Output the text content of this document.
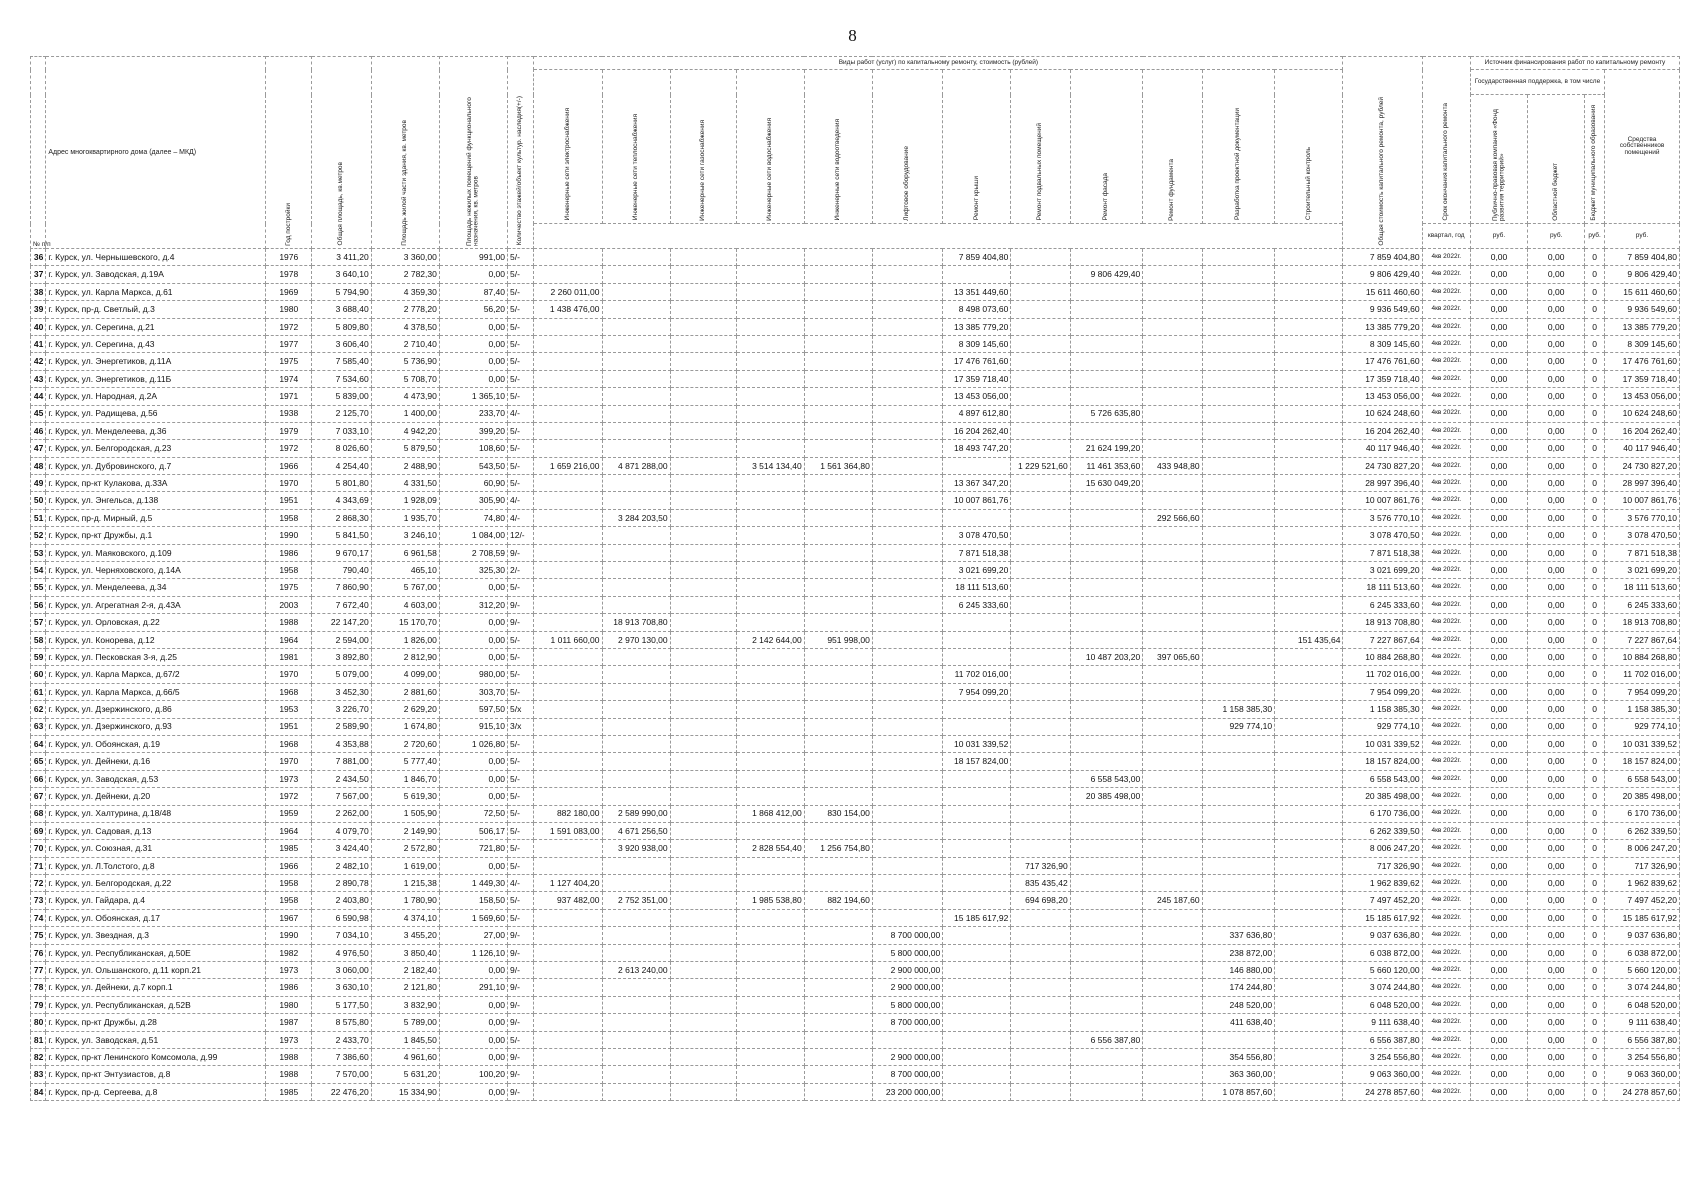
8
№ п/п	Адрес многоквартирного дома (далее – МКД)	Год постройки	Общая площадь, кв.метров	Площадь жилой части здания, кв. метров	Площадь нежилых помещений функционального назначения, кв. метров	Количество этажей/объект культур. наследия(+/-)	Виды работ (услуг) по капитальному ремонту, стоимость (рублей)												Общая стоимость капитального ремонта, рублей	Срок окончания капитального ремонта	Источник финансирования работ по капитальному ремонту		
							Инженерные сети электроснабжения	Инженерные сети теплоснабжения	Инженерные сети газоснабжения	Инженерные сети водоснабжения	Инженерные сети водоотведения	Лифтовое оборудование	Ремонт крыши	Ремонт подвальных помещений	Ремонт фасада	Ремонт фундамента	Разработка проектной документации	Строительный контроль			Государственная поддержка, в том числе			Средства собственников помещений
																					Публично-правовая компания «Фонд развития территорий»	Областной бюджет	Бюджет муниципального образования	
																				квартал, год	руб.	руб.	руб.	руб.
36	г. Курск, ул. Чернышевского, д.4	1976	3 411,20	3 360,00	991,00	5/-							7 859 404,80						7 859 404,80	4кв 2022г.	0,00	0,00	0	7 859 404,80
37	г. Курск, ул. Заводская, д.19А	1978	3 640,10	2 782,30	0,00	5/-									9 806 429,40				9 806 429,40	4кв 2022г.	0,00	0,00	0	9 806 429,40
38	г. Курск, ул. Карла Маркса, д.61	1969	5 794,90	4 359,30	87,40	5/-	2 260 011,00						13 351 449,60						15 611 460,60	4кв 2022г.	0,00	0,00	0	15 611 460,60
39	г. Курск, пр-д. Светлый, д.3	1980	3 688,40	2 778,20	56,20	5/-	1 438 476,00						8 498 073,60						9 936 549,60	4кв 2022г.	0,00	0,00	0	9 936 549,60
40	г. Курск, ул. Серегина, д.21	1972	5 809,80	4 378,50	0,00	5/-							13 385 779,20						13 385 779,20	4кв 2022г.	0,00	0,00	0	13 385 779,20
41	г. Курск, ул. Серегина, д.43	1977	3 606,40	2 710,40	0,00	5/-							8 309 145,60						8 309 145,60	4кв 2022г.	0,00	0,00	0	8 309 145,60
42	г. Курск, ул. Энергетиков, д.11А	1975	7 585,40	5 736,90	0,00	5/-							17 476 761,60						17 476 761,60	4кв 2022г.	0,00	0,00	0	17 476 761,60
43	г. Курск, ул. Энергетиков, д.11Б	1974	7 534,60	5 708,70	0,00	5/-							17 359 718,40						17 359 718,40	4кв 2022г.	0,00	0,00	0	17 359 718,40
44	г. Курск, ул. Народная, д.2А	1971	5 839,00	4 473,90	1 365,10	5/-							13 453 056,00						13 453 056,00	4кв 2022г.	0,00	0,00	0	13 453 056,00
45	г. Курск, ул. Радищева, д.56	1938	2 125,70	1 400,00	233,70	4/-							4 897 612,80		5 726 635,80				10 624 248,60	4кв 2022г.	0,00	0,00	0	10 624 248,60
46	г. Курск, ул. Менделеева, д.36	1979	7 033,10	4 942,20	399,20	5/-							16 204 262,40						16 204 262,40	4кв 2022г.	0,00	0,00	0	16 204 262,40
47	г. Курск, ул. Белгородская, д.23	1972	8 026,60	5 879,50	108,60	5/-							18 493 747,20		21 624 199,20				40 117 946,40	4кв 2022г.	0,00	0,00	0	40 117 946,40
48	г. Курск, ул. Дубровинского, д.7	1966	4 254,40	2 488,90	543,50	5/-	1 659 216,00	4 871 288,00		3 514 134,40	1 561 364,80			1 229 521,60	11 461 353,60	433 948,80			24 730 827,20	4кв 2022г.	0,00	0,00	0	24 730 827,20
49	г. Курск, пр-кт Кулакова, д.33А	1970	5 801,80	4 331,50	60,90	5/-							13 367 347,20		15 630 049,20				28 997 396,40	4кв 2022г.	0,00	0,00	0	28 997 396,40
50	г. Курск, ул. Энгельса, д.138	1951	4 343,69	1 928,09	305,90	4/-							10 007 861,76						10 007 861,76	4кв 2022г.	0,00	0,00	0	10 007 861,76
51	г. Курск, пр-д. Мирный, д.5	1958	2 868,30	1 935,70	74,80	4/-		3 284 203,50								292 566,60			3 576 770,10	4кв 2022г.	0,00	0,00	0	3 576 770,10
52	г. Курск, пр-кт Дружбы, д.1	1990	5 841,50	3 246,10	1 084,00	12/-							3 078 470,50						3 078 470,50	4кв 2022г.	0,00	0,00	0	3 078 470,50
53	г. Курск, ул. Маяковского, д.109	1986	9 670,17	6 961,58	2 708,59	9/-							7 871 518,38						7 871 518,38	4кв 2022г.	0,00	0,00	0	7 871 518,38
54	г. Курск, ул. Черняховского, д.14А	1958	790,40	465,10	325,30	2/-							3 021 699,20						3 021 699,20	4кв 2022г.	0,00	0,00	0	3 021 699,20
55	г. Курск, ул. Менделеева, д.34	1975	7 860,90	5 767,00	0,00	5/-							18 111 513,60						18 111 513,60	4кв 2022г.	0,00	0,00	0	18 111 513,60
56	г. Курск, ул. Агрегатная 2-я, д.43А	2003	7 672,40	4 603,00	312,20	9/-							6 245 333,60						6 245 333,60	4кв 2022г.	0,00	0,00	0	6 245 333,60
57	г. Курск, ул. Орловская, д.22	1988	22 147,20	15 170,70	0,00	9/-		18 913 708,80											18 913 708,80	4кв 2022г.	0,00	0,00	0	18 913 708,80
58	г. Курск, ул. Конорева, д.12	1964	2 594,00	1 826,00	0,00	5/-	1 011 660,00	2 970 130,00		2 142 644,00	951 998,00							151 435,64	7 227 867,64	4кв 2022г.	0,00	0,00	0	7 227 867,64
59	г. Курск, ул. Песковская 3-я, д.25	1981	3 892,80	2 812,90	0,00	5/-									10 487 203,20	397 065,60			10 884 268,80	4кв 2022г.	0,00	0,00	0	10 884 268,80
60	г. Курск, ул. Карла Маркса, д.67/2	1970	5 079,00	4 099,00	980,00	5/-							11 702 016,00						11 702 016,00	4кв 2022г.	0,00	0,00	0	11 702 016,00
61	г. Курск, ул. Карла Маркса, д.66/5	1968	3 452,30	2 881,60	303,70	5/-							7 954 099,20						7 954 099,20	4кв 2022г.	0,00	0,00	0	7 954 099,20
62	г. Курск, ул. Дзержинского, д.86	1953	3 226,70	2 629,20	597,50	5/х											1 158 385,30		1 158 385,30	4кв 2022г.	0,00	0,00	0	1 158 385,30
63	г. Курск, ул. Дзержинского, д.93	1951	2 589,90	1 674,80	915,10	3/х											929 774,10		929 774,10	4кв 2022г.	0,00	0,00	0	929 774,10
64	г. Курск, ул. Обоянская, д.19	1968	4 353,88	2 720,60	1 026,80	5/-							10 031 339,52						10 031 339,52	4кв 2022г.	0,00	0,00	0	10 031 339,52
65	г. Курск, ул. Дейнеки, д.16	1970	7 881,00	5 777,40	0,00	5/-							18 157 824,00						18 157 824,00	4кв 2022г.	0,00	0,00	0	18 157 824,00
66	г. Курск, ул. Заводская, д.53	1973	2 434,50	1 846,70	0,00	5/-									6 558 543,00				6 558 543,00	4кв 2022г.	0,00	0,00	0	6 558 543,00
67	г. Курск, ул. Дейнеки, д.20	1972	7 567,00	5 619,30	0,00	5/-									20 385 498,00				20 385 498,00	4кв 2022г.	0,00	0,00	0	20 385 498,00
68	г. Курск, ул. Халтурина, д.18/48	1959	2 262,00	1 505,90	72,50	5/-	882 180,00	2 589 990,00		1 868 412,00	830 154,00								6 170 736,00	4кв 2022г.	0,00	0,00	0	6 170 736,00
69	г. Курск, ул. Садовая, д.13	1964	4 079,70	2 149,90	506,17	5/-	1 591 083,00	4 671 256,50											6 262 339,50	4кв 2022г.	0,00	0,00	0	6 262 339,50
70	г. Курск, ул. Союзная, д.31	1985	3 424,40	2 572,80	721,80	5/-		3 920 938,00		2 828 554,40	1 256 754,80								8 006 247,20	4кв 2022г.	0,00	0,00	0	8 006 247,20
71	г. Курск, ул. Л.Толстого, д.8	1966	2 482,10	1 619,00	0,00	5/-								717 326,90					717 326,90	4кв 2022г.	0,00	0,00	0	717 326,90
72	г. Курск, ул. Белгородская, д.22	1958	2 890,78	1 215,38	1 449,30	4/-	1 127 404,20							835 435,42					1 962 839,62	4кв 2022г.	0,00	0,00	0	1 962 839,62
73	г. Курск, ул. Гайдара, д.4	1958	2 403,80	1 780,90	158,50	5/-	937 482,00	2 752 351,00		1 985 538,80	882 194,60			694 698,20		245 187,60			7 497 452,20	4кв 2022г.	0,00	0,00	0	7 497 452,20
74	г. Курск, ул. Обоянская, д.17	1967	6 590,98	4 374,10	1 569,60	5/-							15 185 617,92						15 185 617,92	4кв 2022г.	0,00	0,00	0	15 185 617,92
75	г. Курск, ул. Звездная, д.3	1990	7 034,10	3 455,20	27,00	9/-						8 700 000,00					337 636,80		9 037 636,80	4кв 2022г.	0,00	0,00	0	9 037 636,80
76	г. Курск, ул. Республиканская, д.50Е	1982	4 976,50	3 850,40	1 126,10	9/-						5 800 000,00					238 872,00		6 038 872,00	4кв 2022г.	0,00	0,00	0	6 038 872,00
77	г. Курск, ул. Ольшанского, д.11 корп.21	1973	3 060,00	2 182,40	0,00	9/-		2 613 240,00				2 900 000,00					146 880,00		5 660 120,00	4кв 2022г.	0,00	0,00	0	5 660 120,00
78	г. Курск, ул. Дейнеки, д.7 корп.1	1986	3 630,10	2 121,80	291,10	9/-						2 900 000,00					174 244,80		3 074 244,80	4кв 2022г.	0,00	0,00	0	3 074 244,80
79	г. Курск, ул. Республиканская, д.52В	1980	5 177,50	3 832,90	0,00	9/-						5 800 000,00					248 520,00		6 048 520,00	4кв 2022г.	0,00	0,00	0	6 048 520,00
80	г. Курск, пр-кт Дружбы, д.28	1987	8 575,80	5 789,00	0,00	9/-						8 700 000,00					411 638,40		9 111 638,40	4кв 2022г.	0,00	0,00	0	9 111 638,40
81	г. Курск, ул. Заводская, д.51	1973	2 433,70	1 845,50	0,00	5/-									6 556 387,80				6 556 387,80	4кв 2022г.	0,00	0,00	0	6 556 387,80
82	г. Курск, пр-кт Ленинского Комсомола, д.99	1988	7 386,60	4 961,60	0,00	9/-						2 900 000,00					354 556,80		3 254 556,80	4кв 2022г.	0,00	0,00	0	3 254 556,80
83	г. Курск, пр-кт Энтузиастов, д.8	1988	7 570,00	5 631,20	100,20	9/-						8 700 000,00					363 360,00		9 063 360,00	4кв 2022г.	0,00	0,00	0	9 063 360,00
84	г. Курск, пр-д. Сергеева, д.8	1985	22 476,20	15 334,90	0,00	9/-						23 200 000,00					1 078 857,60		24 278 857,60	4кв 2022г.	0,00	0,00	0	24 278 857,60
